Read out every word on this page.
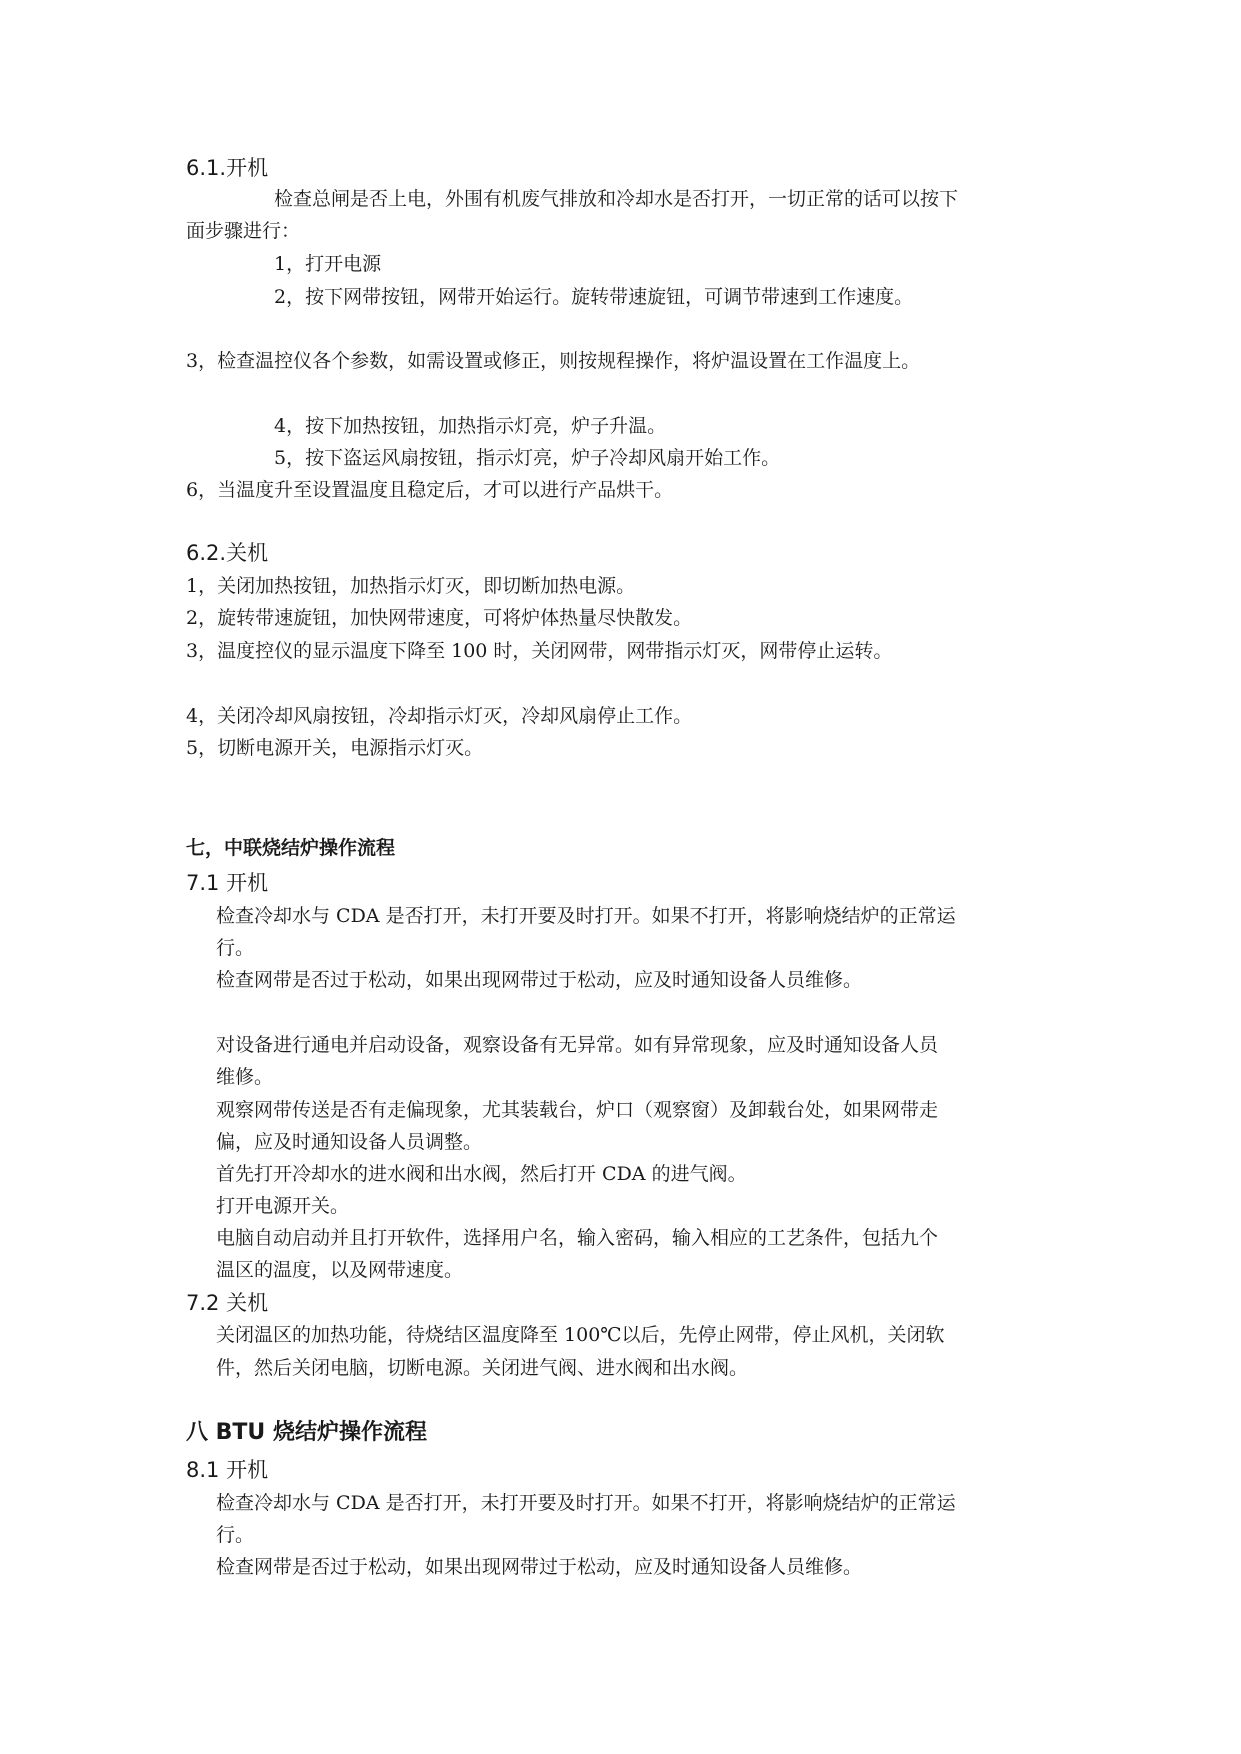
6.1.开机
检查总闸是否上电，外围有机废气排放和冷却水是否打开，一切正常的话可以按下
面步骤进行：
1，打开电源
2，按下网带按钮，网带开始运行。旋转带速旋钮，可调节带速到工作速度。
3，检查温控仪各个参数，如需设置或修正，则按规程操作，将炉温设置在工作温度上。
4，按下加热按钮，加热指示灯亮，炉子升温。
5，按下盗运风扇按钮，指示灯亮，炉子冷却风扇开始工作。
6，当温度升至设置温度且稳定后，才可以进行产品烘干。
6.2.关机
1，关闭加热按钮，加热指示灯灭，即切断加热电源。
2，旋转带速旋钮，加快网带速度，可将炉体热量尽快散发。
3，温度控仪的显示温度下降至 100 时，关闭网带，网带指示灯灭，网带停止运转。
4，关闭冷却风扇按钮，冷却指示灯灭，冷却风扇停止工作。
5，切断电源开关，电源指示灯灭。
七，中联烧结炉操作流程
7.1 开机
检查冷却水与 CDA 是否打开，未打开要及时打开。如果不打开，将影响烧结炉的正常运
行。
检查网带是否过于松动，如果出现网带过于松动，应及时通知设备人员维修。
对设备进行通电并启动设备，观察设备有无异常。如有异常现象，应及时通知设备人员
维修。
观察网带传送是否有走偏现象，尤其装载台，炉口（观察窗）及卸载台处，如果网带走
偏，应及时通知设备人员调整。
首先打开冷却水的进水阀和出水阀，然后打开 CDA 的进气阀。
打开电源开关。
电脑自动启动并且打开软件，选择用户名，输入密码，输入相应的工艺条件，包括九个
温区的温度，以及网带速度。
7.2 关机
关闭温区的加热功能，待烧结区温度降至 100℃以后，先停止网带，停止风机，关闭软
件，然后关闭电脑，切断电源。关闭进气阀、进水阀和出水阀。
八 BTU 烧结炉操作流程
8.1 开机
检查冷却水与 CDA 是否打开，未打开要及时打开。如果不打开，将影响烧结炉的正常运
行。
检查网带是否过于松动，如果出现网带过于松动，应及时通知设备人员维修。
